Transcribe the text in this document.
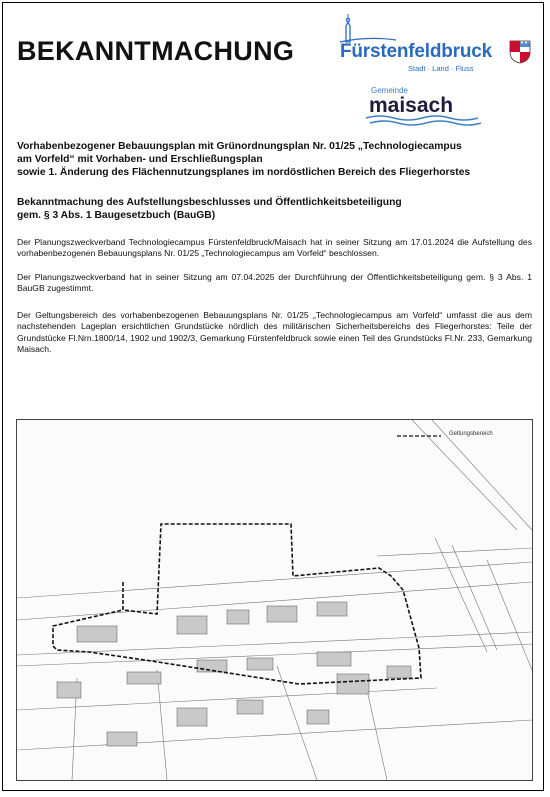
BEKANNTMACHUNG Fürstenfeldbruck
Stadt · Land · Fluss
Gemeinde
maisach
Vorhabenbezogener Bebauungsplan mit Grünordnungsplan Nr. 01/25 „Technologiecampus
am Vorfeld“ mit Vorhaben- und Erschließungsplan
sowie 1. Änderung des Flächennutzungsplanes im nordöstlichen Bereich des Fliegerhorstes
Bekanntmachung des Aufstellungsbeschlusses und Öffentlichkeitsbeteiligung
gem. § 3 Abs. 1 Baugesetzbuch (BauGB)

Der Planungszweckverband Technologiecampus Fürstenfeldbruck/Maisach hat in seiner Sitzung am 17.01.2024 die Aufstellung des vorhabenbezogenen Bebauungsplans Nr. 01/25 „Technologiecampus am Vorfeld“ beschlossen.

Der Planungszweckverband hat in seiner Sitzung am 07.04.2025 der Durchführung der Öffentlichkeitsbeteiligung gem. § 3 Abs. 1 BauGB zugestimmt.

Der Geltungsbereich des vorhabenbezogenen Bebauungsplans Nr. 01/25 „Technologiecampus am Vorfeld“ umfasst die aus dem nachstehenden Lageplan ersichtlichen Grundstücke nördlich des militärischen Sicherheitsbereichs des Fliegerhorstes: Teile der Grundstücke Fl.Nrn.1800/14, 1902 und 1902/3, Gemarkung Fürstenfeldbruck sowie einen Teil des Grundstücks Fl.Nr. 233, Gemarkung Maisach.

Geltungsbereich
